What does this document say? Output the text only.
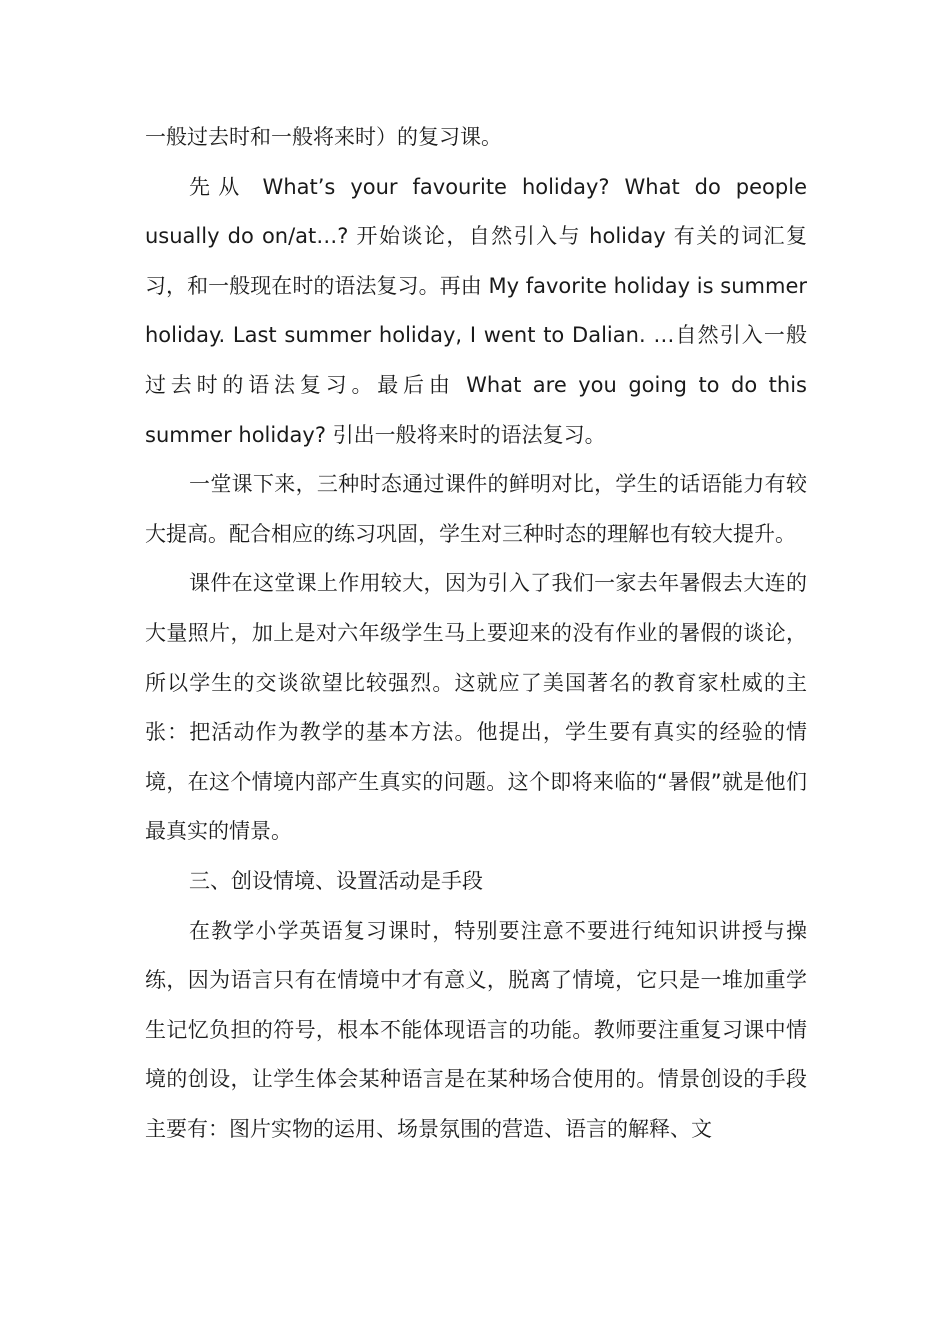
一般过去时和一般将来时）的复习课。

先从 What’s your favourite holiday? What do people usually do on/at…? 开始谈论，自然引入与 holiday 有关的词汇复习，和一般现在时的语法复习。再由 My favorite holiday is summer holiday. Last summer holiday, I went to Dalian. …自然引入一般过去时的语法复习。最后由 What are you going to do this summer holiday? 引出一般将来时的语法复习。

一堂课下来，三种时态通过课件的鲜明对比，学生的话语能力有较大提高。配合相应的练习巩固，学生对三种时态的理解也有较大提升。

课件在这堂课上作用较大，因为引入了我们一家去年暑假去大连的大量照片，加上是对六年级学生马上要迎来的没有作业的暑假的谈论，所以学生的交谈欲望比较强烈。这就应了美国著名的教育家杜威的主张：把活动作为教学的基本方法。他提出，学生要有真实的经验的情境，在这个情境内部产生真实的问题。这个即将来临的“暑假”就是他们最真实的情景。

三、创设情境、设置活动是手段

在教学小学英语复习课时，特别要注意不要进行纯知识讲授与操练，因为语言只有在情境中才有意义，脱离了情境，它只是一堆加重学生记忆负担的符号，根本不能体现语言的功能。教师要注重复习课中情境的创设，让学生体会某种语言是在某种场合使用的。情景创设的手段主要有：图片实物的运用、场景氛围的营造、语言的解释、文
